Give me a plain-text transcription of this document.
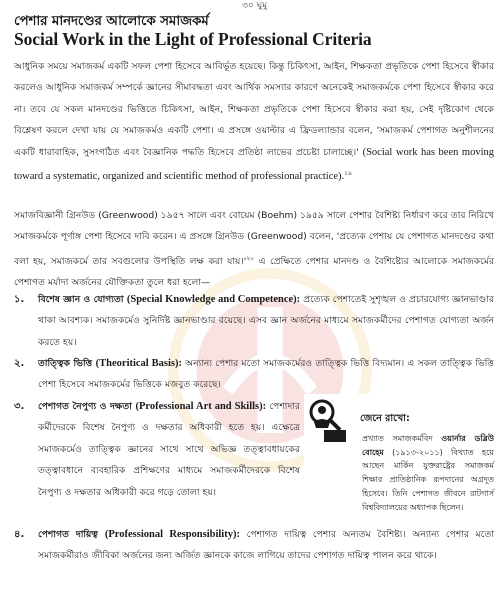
৩০ ঘুমু
পেশার মানদণ্ডের আলোকে সমাজকর্ম
Social Work in the Light of Professional Criteria
আধুনিক সময়ে সমাজকর্ম একটি সফল পেশা হিসেবে আবির্ভূত হয়েছে। কিন্তু চিকিৎসা, আইন, শিক্ষকতা প্রভৃতিকে পেশা হিসেবে স্বীকার করলেও আধুনিক সমাজকর্ম সম্পর্কে জ্ঞানের সীমাবদ্ধতা এবং আর্থিক সমস্যার কারণে অনেকেই সমাজকর্মকে পেশা হিসেবে স্বীকার করে না। তবে যে সকল মানদণ্ডের ভিত্তিতে চিকিৎসা, আইন, শিক্ষকতা প্রভৃতিকে পেশা হিসেবে স্বীকার করা হয়, সেই দৃষ্টিকোণ থেকে বিশ্লেষণ করলে দেখা যায় যে সমাজকর্মও একটি পেশা। এ প্রসঙ্গে ওয়াল্টার এ ফ্রিডল্যান্ডার বলেন, 'সমাজকর্ম পেশাগত অনুশীলনের একটি ধারাবাহিক, সুসংগঠিত এবং বৈজ্ঞানিক পদ্ধতি হিসেবে প্রতিষ্ঠা লাভের প্রচেষ্টা চালাচ্ছে।' (Social work has been moving toward a systematic, organized and scientific method of professional practice).$^{১৯}$
সমাজবিজ্ঞানী গ্রিনউড (Greenwood) ১৯৫৭ সালে এবং বোয়েম (Boehm) ১৯৫৯ সালে পেশার বৈশিষ্ট্য নির্ধারণ করে তার নিরিখে সমাজকর্মকে পূর্ণাঙ্গ পেশা হিসেবে দাবি করেন। এ প্রসঙ্গে গ্রিনউড (Greenwood) বলেন, 'প্রত্যেক পেশায় যে পেশাগত মানদণ্ডের কথা বলা হয়, সমাজকর্মে তার সবগুলোর উপস্থিতি লক্ষ করা $যায়।'^{২০}$ এ প্রেক্ষিতে পেশার মানদণ্ড ও বৈশিষ্ট্যের আলোকে সমাজকর্মের পেশাগত মর্যাদা অর্জনের যৌক্তিকতা তুলে ধরা হলো—
১. বিশেষ জ্ঞান ও যোগ্যতা (Special Knowledge and Competence): প্রত্যেক পেশাতেই সুশৃঙ্খল ও প্রচারযোগ্য জ্ঞানভাণ্ডার থাকা আবশ্যক। সমাজকর্মেও সুনির্দিষ্ট জ্ঞানভাণ্ডার রয়েছে। এসব জ্ঞান অর্জনের মাধ্যমে সমাজকর্মীদের পেশাগত যোগ্যতা অর্জন করতে হয়।
২. তাত্ত্বিক ভিত্তি (Theoritical Basis): অন্যান্য পেশার মতো সমাজকর্মেরও তাত্ত্বিক ভিত্তি বিদ্যমান। এ সকল তাত্ত্বিক ভিত্তি পেশা হিসেবে সমাজকর্মের ভিত্তিকে মজবুত করেছে।
৩. পেশাগত নৈপুণ্য ও দক্ষতা (Professional Art and Skills): পেশাদার কর্মীদেরকে বিশেষ নৈপুণ্য ও দক্ষতার অধিকারী হতে হয়। এক্ষেত্রে সমাজকর্মেও তাত্ত্বিক জ্ঞানের সাথে সাথে অভিজ্ঞ তত্ত্বাবধায়কের তত্ত্বাবধানে ব্যবহারিক প্রশিক্ষণের মাধ্যমে সমাজকর্মীদেরকে বিশেষ নৈপুণ্য ও দক্ষতার অধিকারী করে গড়ে তোলা হয়।
জেনে রাখো:
প্রখ্যাত সমাজকর্মবিদ ওয়ার্নার ডব্লিউ বোহেম (১৯১৩-২০১১) বিখ্যাত হয়ে আছেন মার্কিন যুক্তরাষ্ট্রের সমাজকর্ম শিক্ষার প্রাতিষ্ঠানিক রূপদানের অগ্রদূত হিসেবে। তিনি পেশাগত জীবনে রাটগার্স বিশ্ববিদ্যালয়ের অধ্যাপক ছিলেন।
৪. পেশাগত দায়িত্ব (Professional Responsibility): পেশাগত দায়িত্ব পেশার অন্যতম বৈশিষ্ট্য। অন্যান্য পেশার মতো সমাজকর্মীরাও জীবিকা অর্জনের জন্য অর্জিত জ্ঞানকে কাজে লাগিয়ে তাদের পেশাগত দায়িত্ব পালন করে থাকে।
